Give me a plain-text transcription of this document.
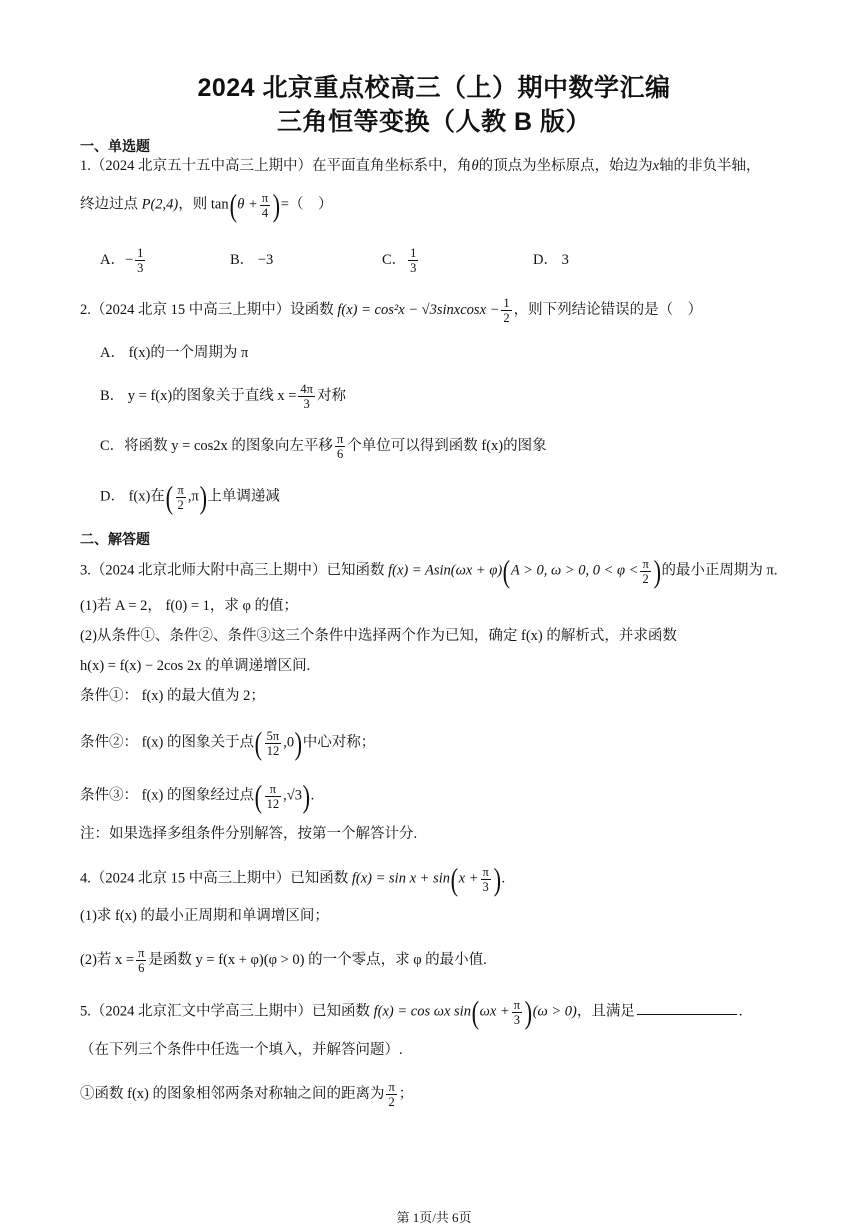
2024 北京重点校高三（上）期中数学汇编
三角恒等变换（人教 B 版）
一、单选题
1.（2024 北京五十五中高三上期中）在平面直角坐标系中，角θ的顶点为坐标原点，始边为x轴的非负半轴，
终边过点 P(2,4)，则 $\tan(\theta + \frac{\pi}{4}$ )=（　）
A．− $\frac{1}{3}$	B． −3	C． $\frac{1}{3}$	D． 3
2.（2024 北京 15 中高三上期中）设函数 f(x) = cos²x − √3sinxcosx − $\frac{1}{2}$ ，则下列结论错误的是（　）
A． f(x)的一个周期为 π
B． y = f(x)的图象关于直线 $x = \frac{4\pi}{3}$ 对称
C．将函数 y = cos2x 的图象向左平移 $\frac{\pi}{6}$ 个单位可以得到函数 f(x)的图象
D． f(x)在( $\frac{\pi}{2} ,\pi$)上单调递减
二、解答题
3.（2024 北京北师大附中高三上期中）已知函数 f(x) = Asin(ωx + φ)(A > 0, ω > 0, $0 < \varphi < \frac{\pi}{2}$ )的最小正周期为 π.
(1)若 A = 2， f(0) = 1，求 φ 的值；
(2)从条件①、条件②、条件③这三个条件中选择两个作为已知，确定 f(x) 的解析式，并求函数
h(x) = f(x) − 2cos 2x 的单调递增区间.
条件①： f(x) 的最大值为 2；
条件②： f(x) 的图象关于点( $\frac{5\pi}{12} ,0$)中心对称；
条件③： f(x) 的图象经过点( $\frac{\pi}{12} ,√3$).
注：如果选择多组条件分别解答，按第一个解答计分.
4.（2024 北京 15 中高三上期中）已知函数 $f(x) = \sin x + \sin(x + \frac{\pi}{3}$ ).
(1)求 f(x) 的最小正周期和单调增区间；
(2)若 $x = \frac{\pi}{6}$ 是函数 y = f(x + φ)(φ > 0) 的一个零点，求 φ 的最小值.
5.（2024 北京汇文中学高三上期中）已知函数 f(x) = cos ωx $\sin(\omega x + \frac{\pi}{3} )(\omega > 0)$，且满足	.
（在下列三个条件中任选一个填入，并解答问题）.
①函数 f(x) 的图象相邻两条对称轴之间的距离为 $\frac{\pi}{2}$ ；
第 1页/共 6页
